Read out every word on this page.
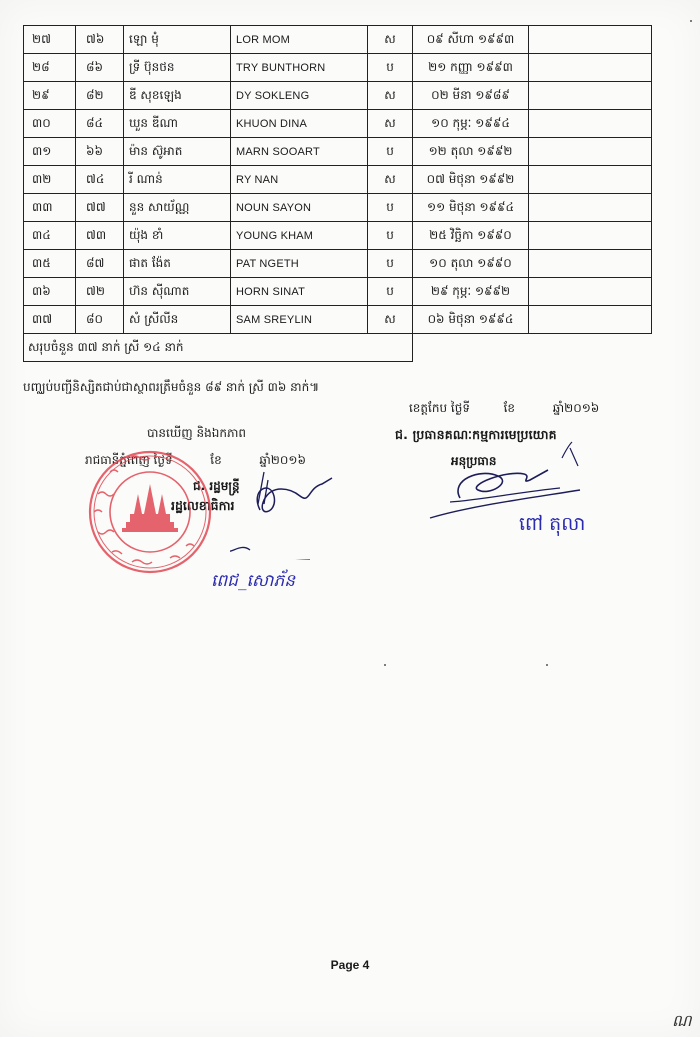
២៧	៧៦	ឡោ មុំ	LOR MOM	ស	០៩ សីហា ១៩៩៣	
២៨	៨៦	ទ្រី ប៊ុនថន	TRY BUNTHORN	ប	២១ កញ្ញា ១៩៩៣	
២៩	៨២	ឌី សុខឡេង	DY SOKLENG	ស	០២ មីនា ១៩៨៩	
៣០	៨៤	ឃួន ឌីណា	KHUON DINA	ស	១០ កុម្ភៈ ១៩៩៤	
៣១	៦៦	ម៉ាន ស៊ូអាត	MARN SOOART	ប	១២ តុលា ១៩៩២	
៣២	៧៤	រី ណាន់	RY NAN	ស	០៧ មិថុនា ១៩៩២	
៣៣	៧៧	នួន សាយ័ណ្ណ	NOUN SAYON	ប	១១ មិថុនា ១៩៩៤	
៣៤	៧៣	យ៉ុង ខាំ	YOUNG KHAM	ប	២៥ វិច្ឆិកា ១៩៩០	
៣៥	៨៧	ផាត ង៉ែត	PAT NGETH	ប	១០ តុលា ១៩៩០	
៣៦	៧២	ហ៊ន ស៊ីណាត	HORN SINAT	ប	២៩ កុម្ភៈ ១៩៩២	
៣៧	៨០	សំ ស្រីលីន	SAM SREYLIN	ស	០៦ មិថុនា ១៩៩៤	
សរុបចំនួន ៣៧ នាក់ ស្រី ១៤ នាក់						
បញ្ឈប់បញ្ជីនិស្សិតជាប់ជាស្ថាពរត្រឹមចំនួន ៨៩ នាក់ ស្រី ៣៦ នាក់៕
ខេត្តកែប ថ្ងៃទី	ខែ	ឆ្នាំ២០១៦
ជ. ប្រធានគណៈកម្មការមេប្រយោគ
អនុប្រធាន
ពៅ តុលា
បានឃើញ និងឯកភាព
រាជធានីភ្នំពេញ ថ្ងៃទី	ខែ	ឆ្នាំ២០១៦
ជ. រដ្ឋមន្ត្រី
រដ្ឋលេខាធិការ
ពេជ_សោភ័ន
Page 4
ណ
